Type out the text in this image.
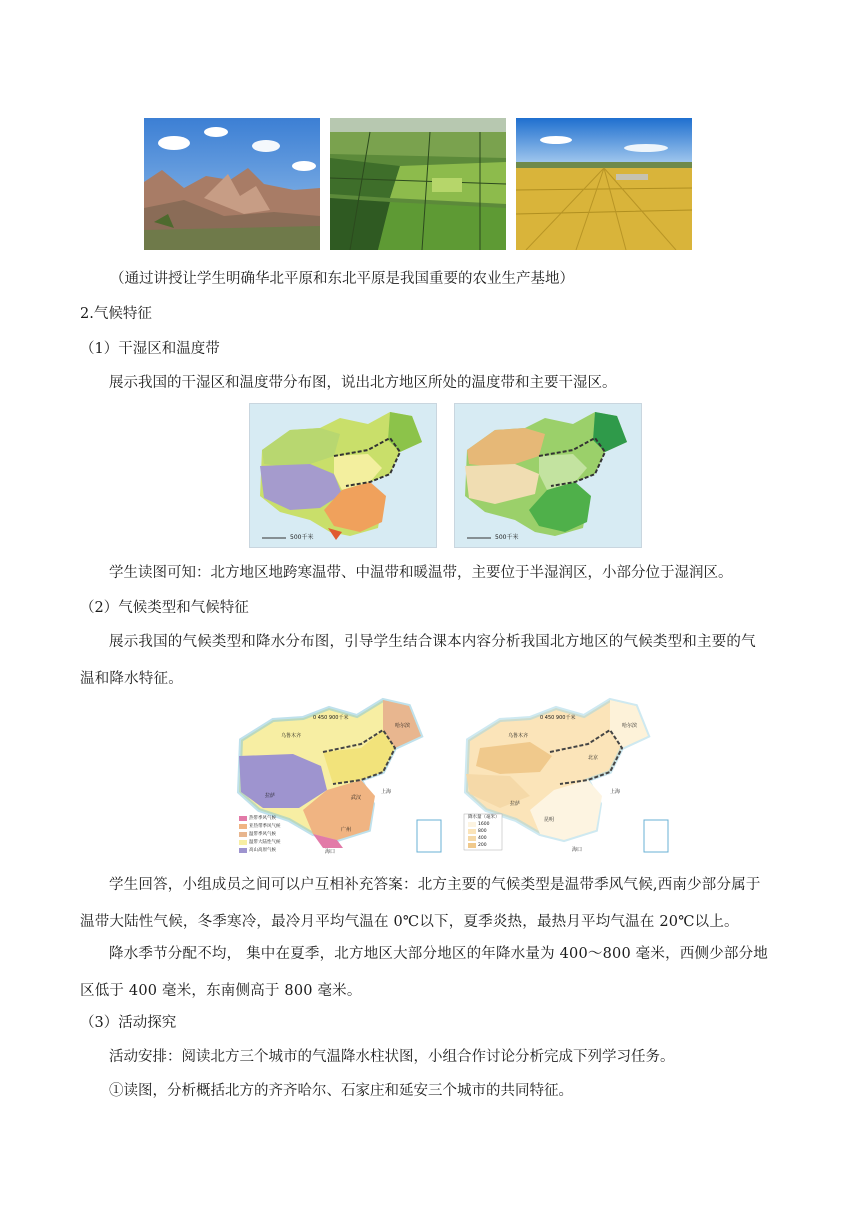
（通过讲授让学生明确华北平原和东北平原是我国重要的农业生产基地）
2.气候特征
（1）干湿区和温度带
展示我国的干湿区和温度带分布图，说出北方地区所处的温度带和主要干湿区。
500千米	500千米
学生读图可知：北方地区地跨寒温带、中温带和暖温带，主要位于半湿润区，小部分位于湿润区。
（2）气候类型和气候特征
展示我国的气候类型和降水分布图，引导学生结合课本内容分析我国北方地区的气候类型和主要的气
温和降水特征。
0 450 900千米
乌鲁木齐
哈尔滨
拉萨	武汉
上海
广州
海口
热带季风气候
亚热带季风气候
温带季风气候
温带大陆性气候
高山高原气候
0 450 900千米
乌鲁木齐
哈尔滨
北京
拉萨
上海
昆明
海口
降水量（毫米）
1600
800
400
200
学生回答，小组成员之间可以户互相补充答案：北方主要的气候类型是温带季风气候,西南少部分属于
温带大陆性气候，冬季寒冷，最冷月平均气温在 0℃以下，夏季炎热，最热月平均气温在 20℃以上。
降水季节分配不均， 集中在夏季，北方地区大部分地区的年降水量为 400～800 毫米，西侧少部分地
区低于 400 毫米，东南侧高于 800 毫米。
（3）活动探究
活动安排：阅读北方三个城市的气温降水柱状图，小组合作讨论分析完成下列学习任务。
①读图，分析概括北方的齐齐哈尔、石家庄和延安三个城市的共同特征。
